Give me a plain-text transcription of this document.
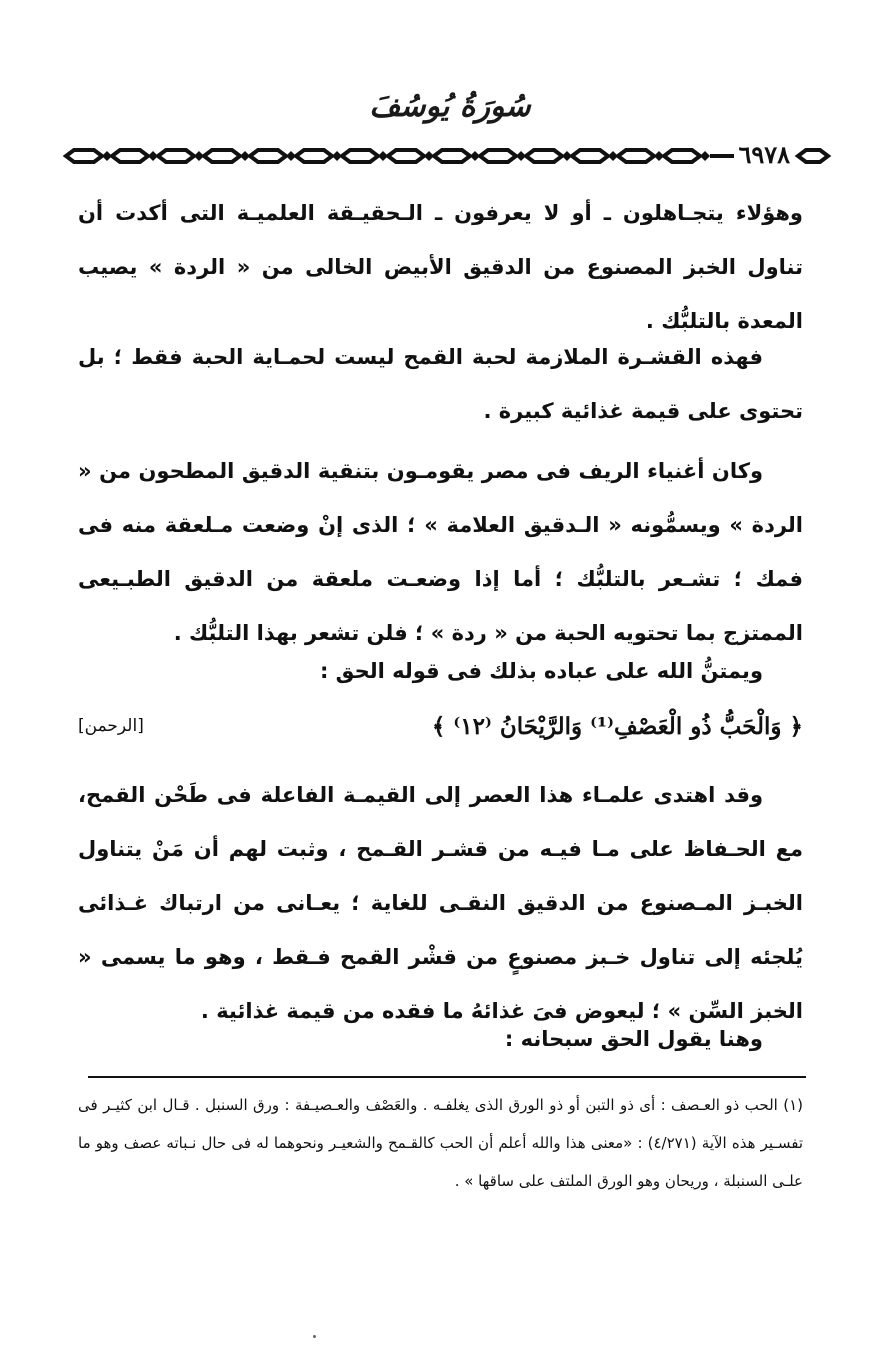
سُورَةُ يُوسُفَ
٦٩٧٨

وهؤلاء يتجـاهلون ـ أو لا يعرفون ـ الـحقيـقة العلميـة التى أكدت أن تناول الخبز المصنوع من الدقيق الأبيض الخالى من « الردة » يصيب المعدة بالتلبُّك .

فهذه القشـرة الملازمة لحبة القمح ليست لحمـاية الحبة فقط ؛ بل تحتوى على قيمة غذائية كبيرة .

وكان أغنياء الريف فى مصر يقومـون بتنقية الدقيق المطحون من « الردة » ويسمُّونه « الـدقيق العلامة » ؛ الذى إنْ وضعت مـلعقة منه فى فمك ؛ تشـعر بالتلبُّك ؛ أما إذا وضعـت ملعقة من الدقيق الطبـيعى الممتزج بما تحتويه الحبة من « ردة » ؛ فلن تشعر بهذا التلبُّك .

ويمتنُّ الله على عباده بذلك فى قوله الحق :

﴿ وَالْحَبُّ ذُو الْعَصْفِ⁽¹⁾ وَالرَّيْحَانُ ⁽١٢⁾ ﴾
[الرحمن]

وقد اهتدى علمـاء هذا العصر إلى القيمـة الفاعلة فى طَحْن القمح، مع الحـفاظ على مـا فيـه من قشـر القـمح ، وثبت لهم أن مَنْ يتناول الخبـز المـصنوع من الدقيق النقـى للغاية ؛ يعـانى من ارتباك غـذائى يُلجئه إلى تناول خـبز مصنوعٍ من قشْر القمح فـقط ، وهو ما يسمى « الخبز السِّن » ؛ ليعوض فىَ غذائهُ ما فقده من قيمة غذائية .

وهنا يقول الحق سبحانه :

(١) الحب ذو العـصف : أى ذو التبن أو ذو الورق الذى يغلفـه . والعَصْف والعـصيـفة : ورق السنبل . قـال ابن كثيـر فى تفسـير هذه الآية (٤/٢٧١) : «معنى هذا والله أعلم أن الحب كالقـمح والشعيـر ونحوهما له فى حال نـباته عصف وهو ما علـى السنبلة ، وريحان وهو الورق الملتف على ساقها » .
